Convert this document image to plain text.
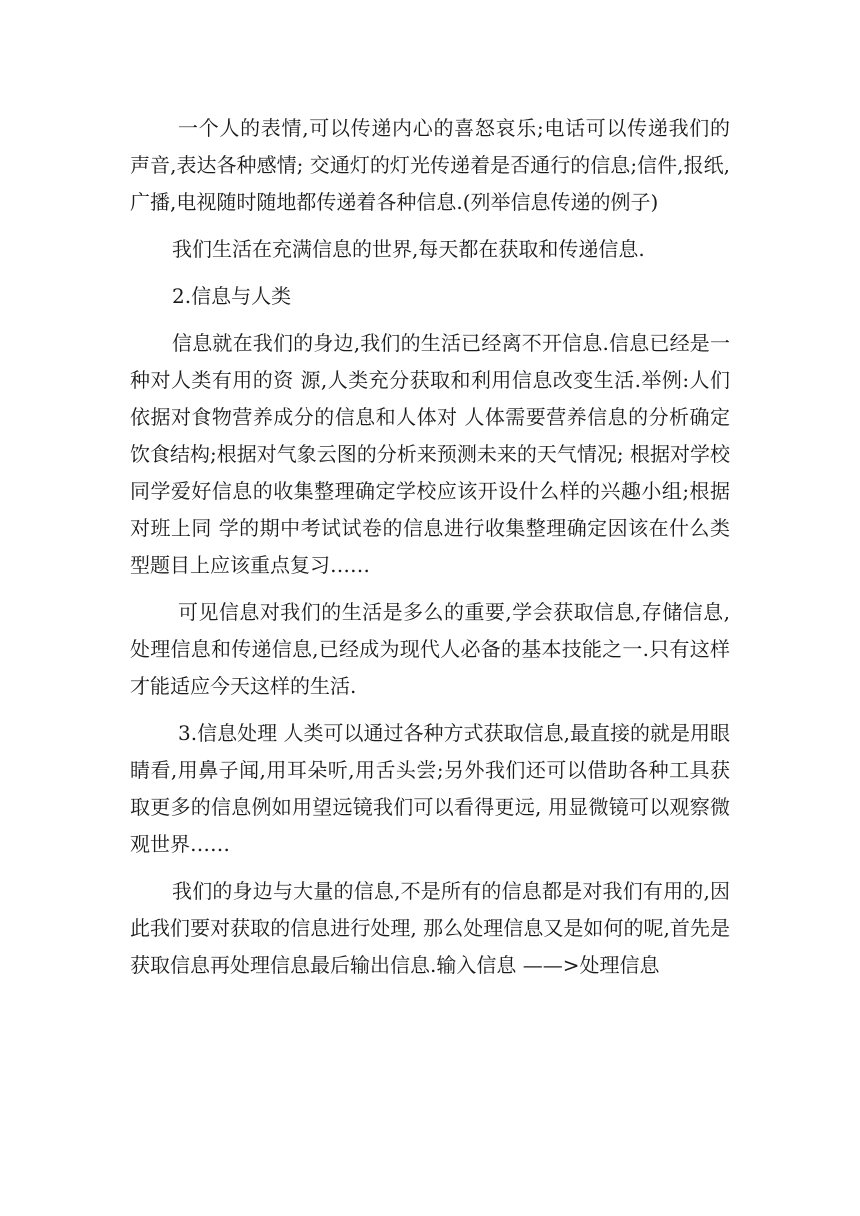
一个人的表情,可以传递内心的喜怒哀乐;电话可以传递我们的声音,表达各种感情; 交通灯的灯光传递着是否通行的信息;信件,报纸,广播,电视随时随地都传递着各种信息.(列举信息传递的例子)

我们生活在充满信息的世界,每天都在获取和传递信息.

2.信息与人类

信息就在我们的身边,我们的生活已经离不开信息.信息已经是一种对人类有用的资 源,人类充分获取和利用信息改变生活.举例:人们依据对食物营养成分的信息和人体对 人体需要营养信息的分析确定饮食结构;根据对气象云图的分析来预测未来的天气情况; 根据对学校同学爱好信息的收集整理确定学校应该开设什么样的兴趣小组;根据对班上同 学的期中考试试卷的信息进行收集整理确定因该在什么类型题目上应该重点复习……

可见信息对我们的生活是多么的重要,学会获取信息,存储信息,处理信息和传递信息,已经成为现代人必备的基本技能之一.只有这样才能适应今天这样的生活.

3.信息处理 人类可以通过各种方式获取信息,最直接的就是用眼睛看,用鼻子闻,用耳朵听,用舌头尝;另外我们还可以借助各种工具获取更多的信息例如用望远镜我们可以看得更远, 用显微镜可以观察微观世界……

我们的身边与大量的信息,不是所有的信息都是对我们有用的,因此我们要对获取的信息进行处理, 那么处理信息又是如何的呢,首先是获取信息再处理信息最后输出信息.输入信息 ——>处理信息
